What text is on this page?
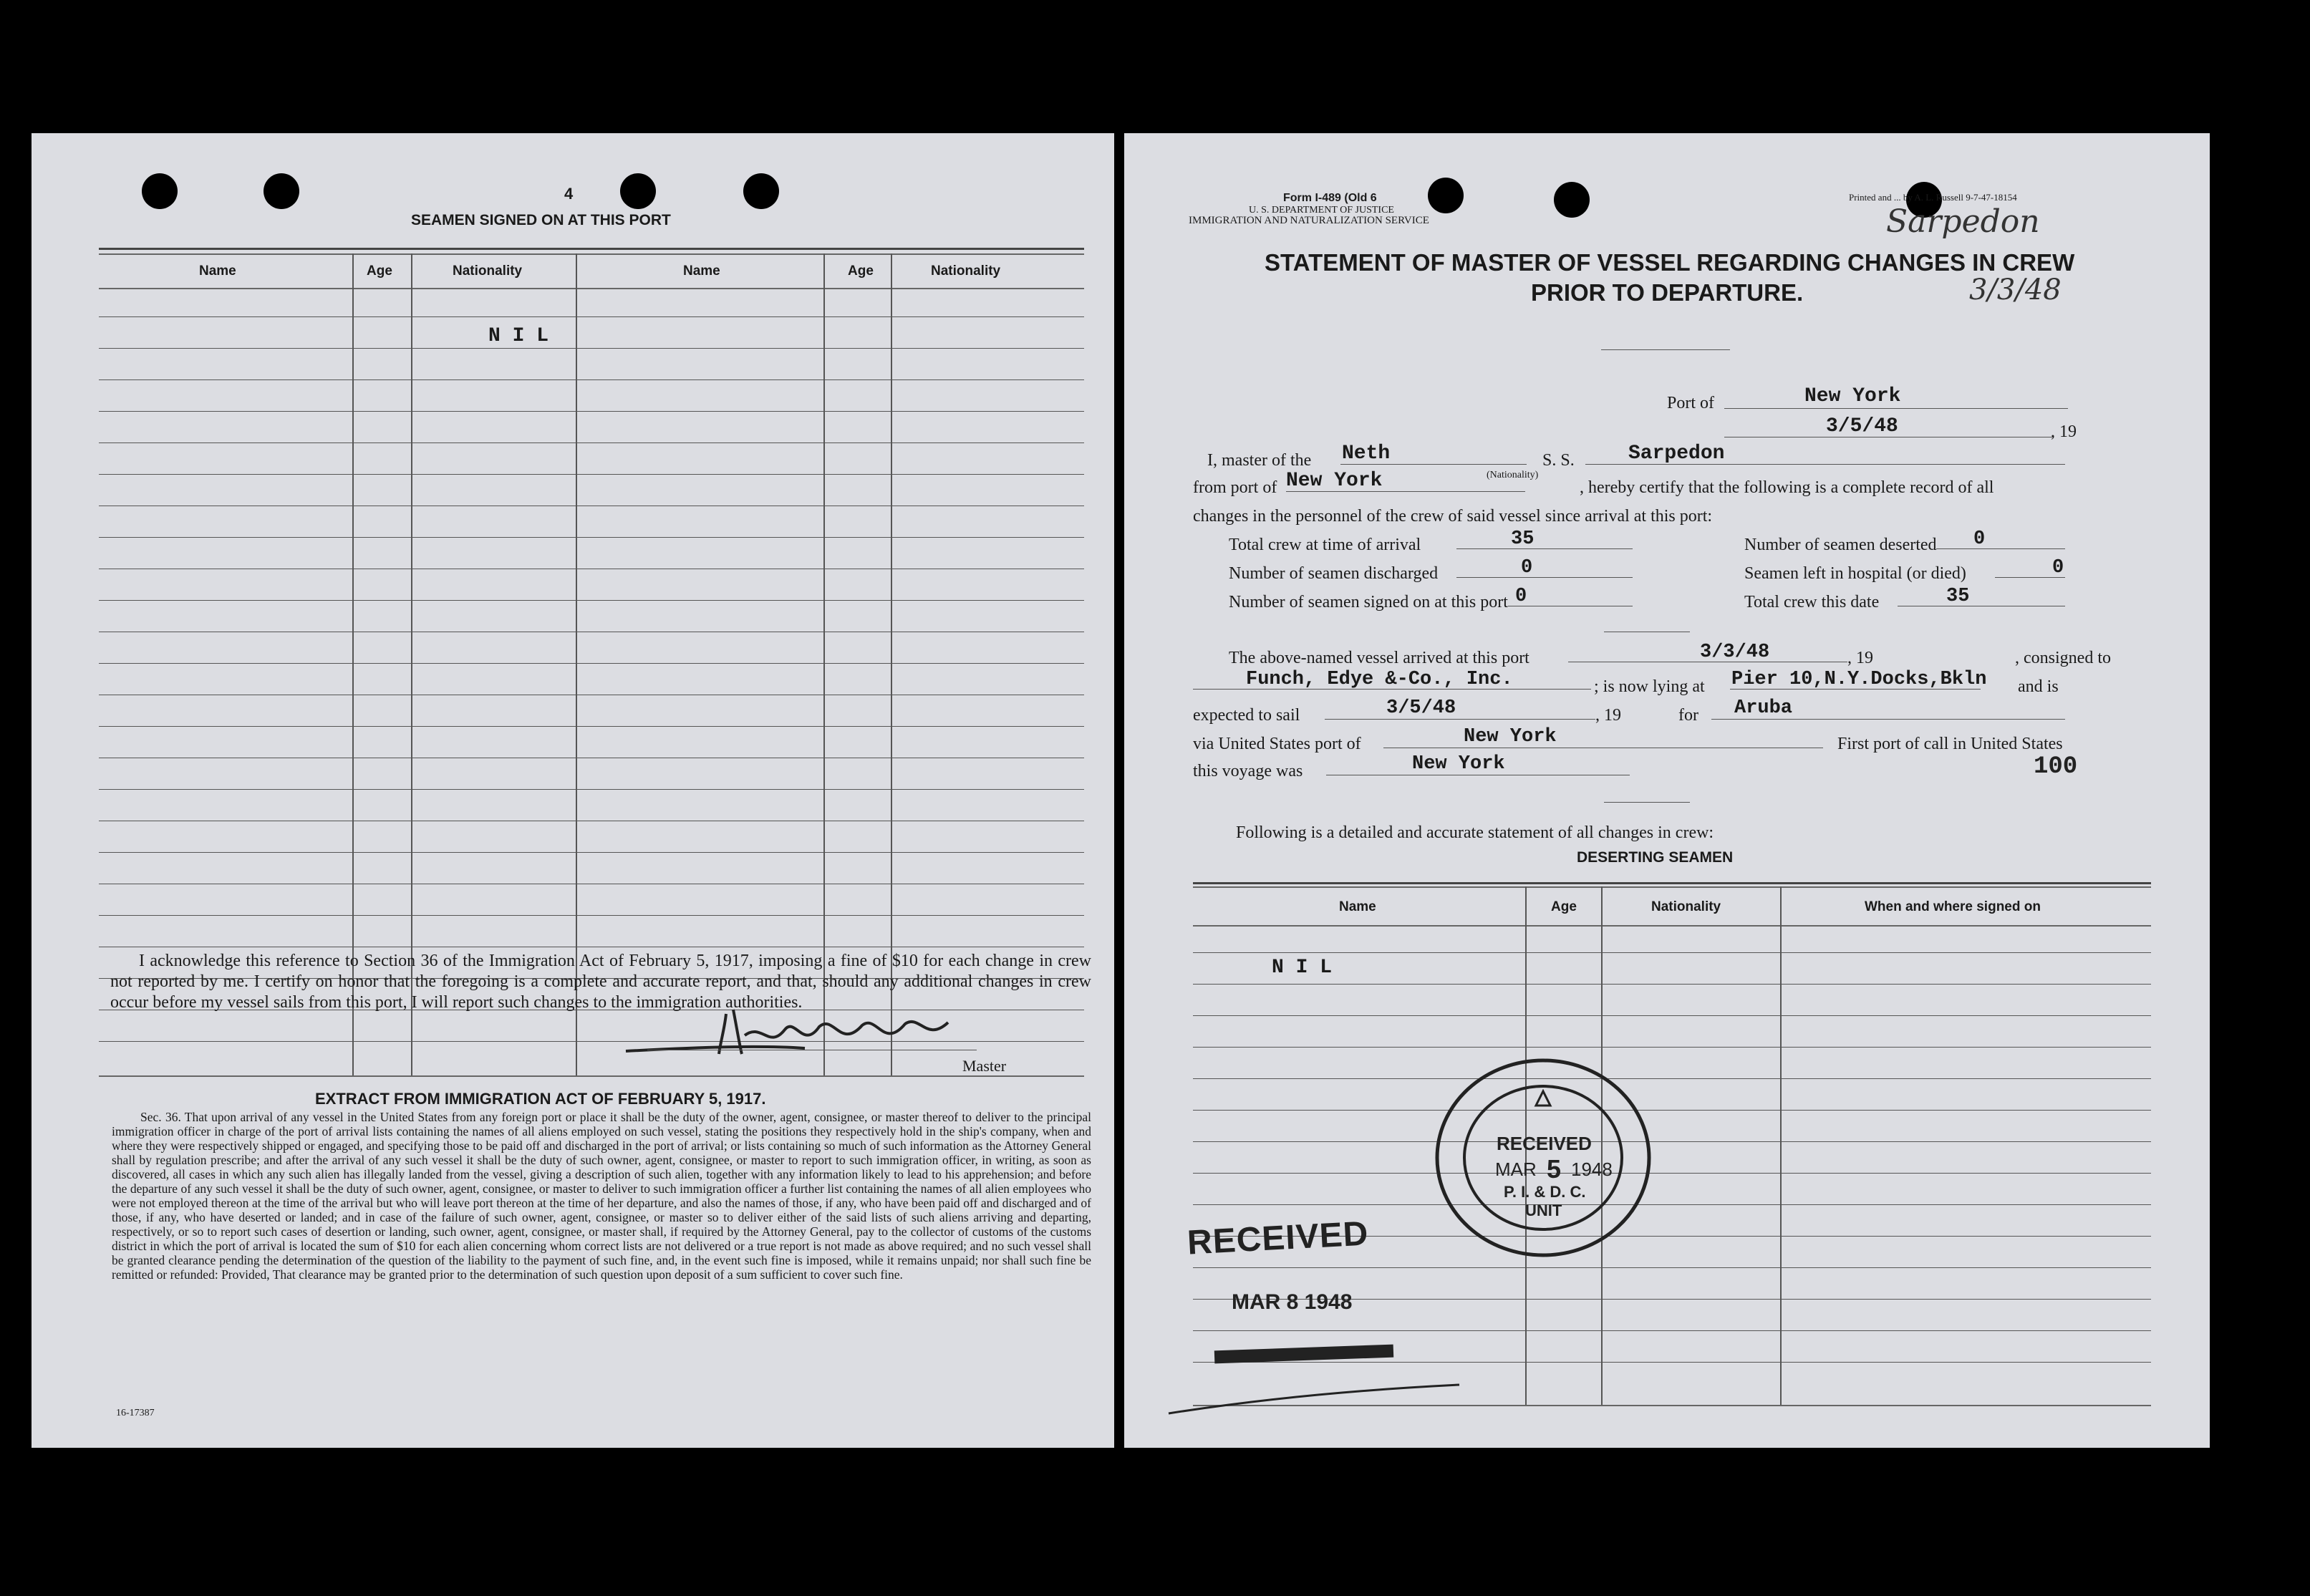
4
SEAMEN SIGNED ON AT THIS PORT
Name	Age	Nationality	Name	Age	Nationality
N I L
I acknowledge this reference to Section 36 of the Immigration Act of February 5, 1917, imposing a fine of $10 for each change in crew not reported by me. I certify on honor that the foregoing is a complete and accurate report, and that, should any additional changes in crew occur before my vessel sails from this port, I will report such changes to the immigration authorities.
Master
EXTRACT FROM IMMIGRATION ACT OF FEBRUARY 5, 1917.
Sec. 36. That upon arrival of any vessel in the United States from any foreign port or place it shall be the duty of the owner, agent, consignee, or master thereof to deliver to the principal immigration officer in charge of the port of arrival lists containing the names of all aliens employed on such vessel, stating the positions they respectively hold in the ship's company, when and where they were respectively shipped or engaged, and specifying those to be paid off and discharged in the port of arrival; or lists containing so much of such information as the Attorney General shall by regulation prescribe; and after the arrival of any such vessel it shall be the duty of such owner, agent, consignee, or master to report to such immigration officer, in writing, as soon as discovered, all cases in which any such alien has illegally landed from the vessel, giving a description of such alien, together with any information likely to lead to his apprehension; and before the departure of any such vessel it shall be the duty of such owner, agent, consignee, or master to deliver to such immigration officer a further list containing the names of all alien employees who were not employed thereon at the time of the arrival but who will leave port thereon at the time of her departure, and also the names of those, if any, who have been paid off and discharged and of those, if any, who have deserted or landed; and in case of the failure of such owner, agent, consignee, or master so to deliver either of the said lists of such aliens arriving and departing, respectively, or so to report such cases of desertion or landing, such owner, agent, consignee, or master shall, if required by the Attorney General, pay to the collector of customs of the customs district in which the port of arrival is located the sum of $10 for each alien concerning whom correct lists are not delivered or a true report is not made as above required; and no such vessel shall be granted clearance pending the determination of the question of the liability to the payment of such fine, and, in the event such fine is imposed, while it remains unpaid; nor shall such fine be remitted or refunded: Provided, That clearance may be granted prior to the determination of such question upon deposit of a sum sufficient to cover such fine.
16-17387
Form I-489 (Old 6
U. S. DEPARTMENT OF JUSTICE
IMMIGRATION AND NATURALIZATION SERVICE
Printed and ... by A. L. Russell 9-7-47-18154
Sarpedon
3/3/48
STATEMENT OF MASTER OF VESSEL REGARDING CHANGES IN CREW
PRIOR TO DEPARTURE.
Port of	New York
3/5/48	, 19
I, master of the Neth	S. S.	Sarpedon
from port of New York	(Nationality)
, hereby certify that the following is a complete record of all
changes in the personnel of the crew of said vessel since arrival at this port:
Total crew at time of arrival	35	Number of seamen deserted 0
Number of seamen discharged	0	Seamen left in hospital (or died)	0
Number of seamen signed on at this port 0	Total crew this date	35
The above-named vessel arrived at this port	3/3/48	, 19	, consigned to
Funch, Edye &-Co., Inc.	; is now lying at Pier 10,N.Y.Docks,Bkln and is
expected to sail	3/5/48	, 19	for Aruba
via United States port of	New York	First port of call in United States
this voyage was	New York	100
Following is a detailed and accurate statement of all changes in crew:
DESERTING SEAMEN
Name	Age	Nationality	When and where signed on
N I L
RECEIVED
MAR 5 1948
P. I. & D. C.
UNIT
RECEIVED
MAR 8 1948
